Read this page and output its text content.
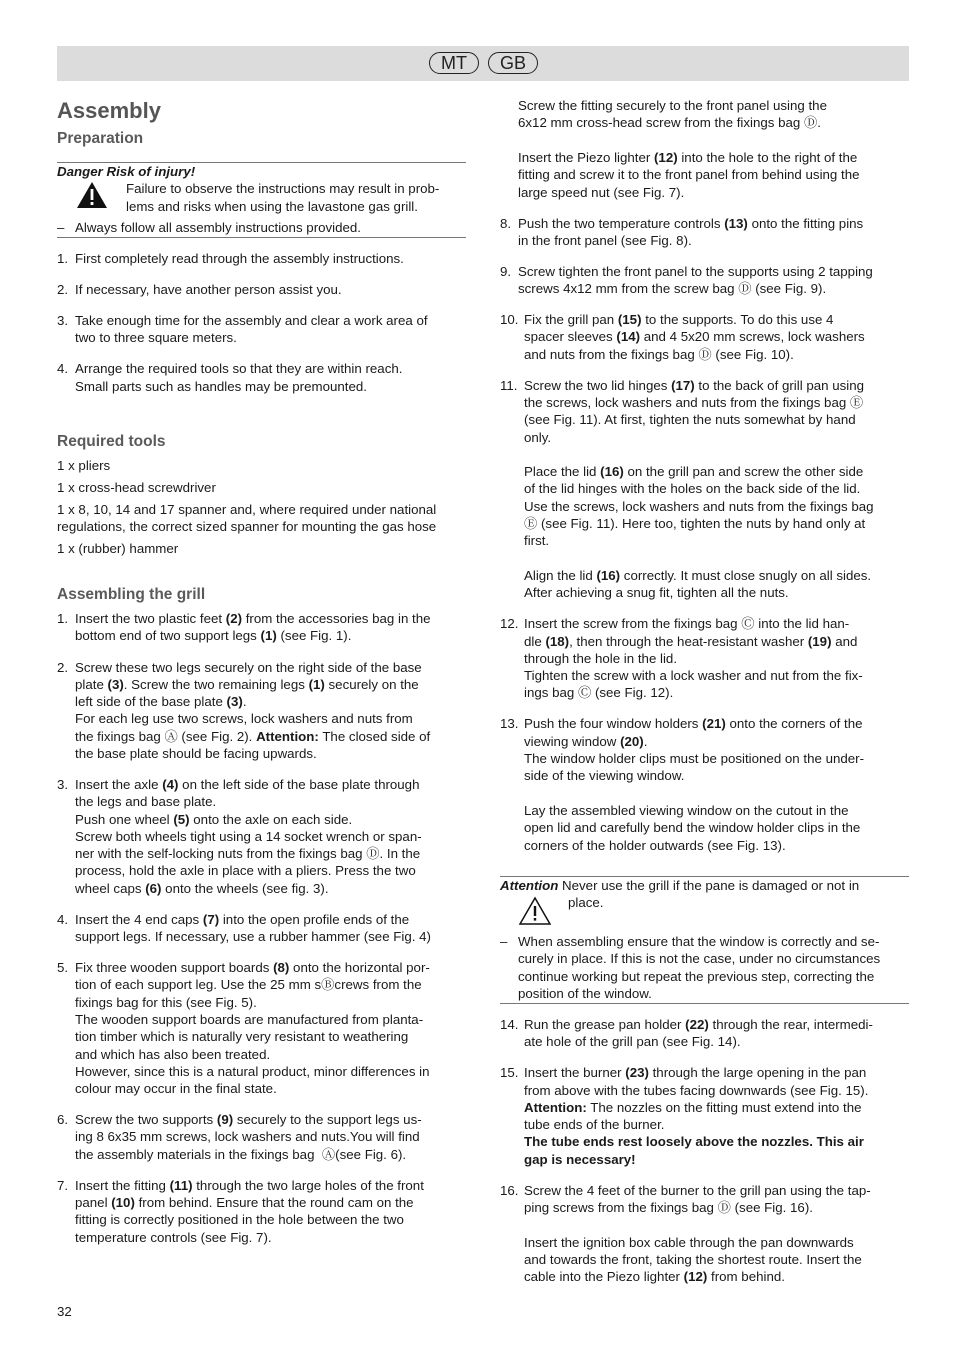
MT	GB
Assembly
Preparation
Danger Risk of injury!
Failure to observe the instructions may result in prob-
lems and risks when using the lavastone gas grill.
– Always follow all assembly instructions provided.
1. First completely read through the assembly instructions.
2. If necessary, have another person assist you.
3. Take enough time for the assembly and clear a work area of
two to three square meters.
4. Arrange the required tools so that they are within reach.
Small parts such as handles may be premounted.
Required tools
1 x pliers
1 x cross-head screwdriver
1 x 8, 10, 14 and 17 spanner and, where required under national
regulations, the correct sized spanner for mounting the gas hose
1 x (rubber) hammer
Assembling the grill
1. Insert the two plastic feet (2) from the accessories bag in the
bottom end of two support legs (1) (see Fig. 1).
2. Screw these two legs securely on the right side of the base
plate (3). Screw the two remaining legs (1) securely on the
left side of the base plate (3).
For each leg use two screws, lock washers and nuts from
the fixings bag Ⓐ (see Fig. 2). Attention: The closed side of
the base plate should be facing upwards.
3. Insert the axle (4) on the left side of the base plate through
the legs and base plate.
Push one wheel (5) onto the axle on each side.
Screw both wheels tight using a 14 socket wrench or span-
ner with the self-locking nuts from the fixings bag Ⓓ. In the
process, hold the axle in place with a pliers. Press the two
wheel caps (6) onto the wheels (see fig. 3).
4. Insert the 4 end caps (7) into the open profile ends of the
support legs. If necessary, use a rubber hammer (see Fig. 4)
5. Fix three wooden support boards (8) onto the horizontal por-
tion of each support leg. Use the 25 mm sⒷcrews from the
fixings bag for this (see Fig. 5).
The wooden support boards are manufactured from planta-
tion timber which is naturally very resistant to weathering
and which has also been treated.
However, since this is a natural product, minor differences in
colour may occur in the final state.
6. Screw the two supports (9) securely to the support legs us-
ing 8 6x35 mm screws, lock washers and nuts.You will find
the assembly materials in the fixings bag  Ⓐ(see Fig. 6).
7. Insert the fitting (11) through the two large holes of the front
panel (10) from behind. Ensure that the round cam on the
fitting is correctly positioned in the hole between the two
temperature controls (see Fig. 7).
Screw the fitting securely to the front panel using the
6x12 mm cross-head screw from the fixings bag Ⓓ.
Insert the Piezo lighter (12) into the hole to the right of the
fitting and screw it to the front panel from behind using the
large speed nut (see Fig. 7).
8. Push the two temperature controls (13) onto the fitting pins
in the front panel (see Fig. 8).
9. Screw tighten the front panel to the supports using 2 tapping
screws 4x12 mm from the screw bag Ⓓ (see Fig. 9).
10. Fix the grill pan (15) to the supports. To do this use 4
spacer sleeves (14) and 4 5x20 mm screws, lock washers
and nuts from the fixings bag Ⓓ (see Fig. 10).
11. Screw the two lid hinges (17) to the back of grill pan using
the screws, lock washers and nuts from the fixings bag Ⓔ
(see Fig. 11). At first, tighten the nuts somewhat by hand
only.
Place the lid (16) on the grill pan and screw the other side
of the lid hinges with the holes on the back side of the lid.
Use the screws, lock washers and nuts from the fixings bag
Ⓔ (see Fig. 11). Here too, tighten the nuts by hand only at
first.
Align the lid (16) correctly. It must close snugly on all sides.
After achieving a snug fit, tighten all the nuts.
12. Insert the screw from the fixings bag Ⓒ into the lid han-
dle (18), then through the heat-resistant washer (19) and
through the hole in the lid.
Tighten the screw with a lock washer and nut from the fix-
ings bag Ⓒ (see Fig. 12).
13. Push the four window holders (21) onto the corners of the
viewing window (20).
The window holder clips must be positioned on the under-
side of the viewing window.
Lay the assembled viewing window on the cutout in the
open lid and carefully bend the window holder clips in the
corners of the holder outwards (see Fig. 13).
Attention Never use the grill if the pane is damaged or not in
place.
– When assembling ensure that the window is correctly and se-
curely in place. If this is not the case, under no circumstances
continue working but repeat the previous step, correcting the
position of the window.
14. Run the grease pan holder (22) through the rear, intermedi-
ate hole of the grill pan (see Fig. 14).
15. Insert the burner (23) through the large opening in the pan
from above with the tubes facing downwards (see Fig. 15).
Attention: The nozzles on the fitting must extend into the
tube ends of the burner.
The tube ends rest loosely above the nozzles. This air
gap is necessary!
16. Screw the 4 feet of the burner to the grill pan using the tap-
ping screws from the fixings bag Ⓓ (see Fig. 16).
Insert the ignition box cable through the pan downwards
and towards the front, taking the shortest route. Insert the
cable into the Piezo lighter (12) from behind.
32
